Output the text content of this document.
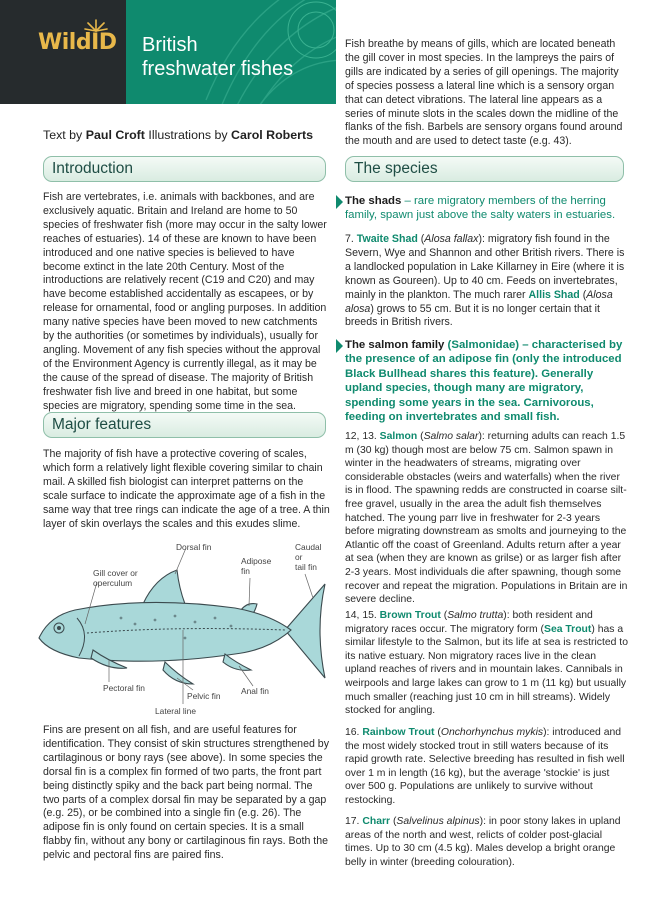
WildID British
freshwater fishes
Text by Paul Croft Illustrations by Carol Roberts
Introduction
Fish are vertebrates, i.e. animals with backbones, and are exclusively aquatic. Britain and Ireland are home to 50 species of freshwater fish (more may occur in the salty lower reaches of estuaries). 14 of these are known to have been introduced and one native species is believed to have become extinct in the late 20th Century. Most of the introductions are relatively recent (C19 and C20) and may have become established accidentally as escapees, or by release for ornamental, food or angling purposes. In addition many native species have been moved to new catchments by the authorities (or sometimes by individuals), usually for angling. Movement of any fish species without the approval of the Environment Agency is currently illegal, as it may be the cause of the spread of disease. The majority of British freshwater fish live and breed in one habitat, but some species are migratory, spending some time in the sea.
Major features
The majority of fish have a protective covering of scales, which form a relatively light flexible covering similar to chain mail. A skilled fish biologist can interpret patterns on the scale surface to indicate the approximate age of a fish in the same way that tree rings can indicate the age of a tree. A thin layer of skin overlays the scales and this exudes slime.
Dorsal fin
Gill cover or
operculum
Adipose
fin
Caudal
or
tail fin
Pectoral fin
Pelvic fin Anal fin
Lateral line
Fins are present on all fish, and are useful features for identification. They consist of skin structures strengthened by cartilaginous or bony rays (see above). In some species the dorsal fin is a complex fin formed of two parts, the front part being distinctly spiky and the back part being normal. The two parts of a complex dorsal fin may be separated by a gap (e.g. 25), or be combined into a single fin (e.g. 26). The adipose fin is only found on certain species. It is a small flabby fin, without any bony or cartilaginous fin rays. Both the pelvic and pectoral fins are paired fins.
Fish breathe by means of gills, which are located beneath the gill cover in most species. In the lampreys the pairs of gills are indicated by a series of gill openings. The majority of species possess a lateral line which is a sensory organ that can detect vibrations. The lateral line appears as a series of minute slots in the scales down the midline of the flanks of the fish. Barbels are sensory organs found around the mouth and are used to detect taste (e.g. 43).
The species
The shads – rare migratory members of the herring family, spawn just above the salty waters in estuaries.
7. Twaite Shad (Alosa fallax): migratory fish found in the Severn, Wye and Shannon and other British rivers. There is a landlocked population in Lake Killarney in Eire (where it is known as Goureen). Up to 40 cm. Feeds on invertebrates, mainly in the plankton. The much rarer Allis Shad (Alosa alosa) grows to 55 cm. But it is no longer certain that it breeds in British rivers.
The salmon family (Salmonidae) – characterised by the presence of an adipose fin (only the introduced Black Bullhead shares this feature). Generally upland species, though many are migratory, spending some years in the sea. Carnivorous, feeding on invertebrates and small fish.
12, 13. Salmon (Salmo salar): returning adults can reach 1.5 m (30 kg) though most are below 75 cm. Salmon spawn in winter in the headwaters of streams, migrating over considerable obstacles (weirs and waterfalls) when the river is in flood. The spawning redds are constructed in coarse silt-free gravel, usually in the area the adult fish themselves hatched. The young parr live in freshwater for 2-3 years before migrating downstream as smolts and journeying to the Atlantic off the coast of Greenland. Adults return after a year at sea (when they are known as grilse) or as larger fish after 2-3 years. Most individuals die after spawning, though some recover and repeat the migration. Populations in Britain are in severe decline.
14, 15. Brown Trout (Salmo trutta): both resident and migratory races occur. The migratory form (Sea Trout) has a similar lifestyle to the Salmon, but its life at sea is restricted to its native estuary. Non migratory races live in the clean upland reaches of rivers and in mountain lakes. Cannibals in weirpools and large lakes can grow to 1 m (11 kg) but usually much smaller (reaching just 10 cm in hill streams). Widely stocked for angling.
16. Rainbow Trout (Onchorhynchus mykis): introduced and the most widely stocked trout in still waters because of its rapid growth rate. Selective breeding has resulted in fish well over 1 m in length (16 kg), but the average 'stockie' is just over 500 g. Populations are unlikely to survive without restocking.
17. Charr (Salvelinus alpinus): in poor stony lakes in upland areas of the north and west, relicts of colder post-glacial times. Up to 30 cm (4.5 kg). Males develop a bright orange belly in winter (breeding colouration).
